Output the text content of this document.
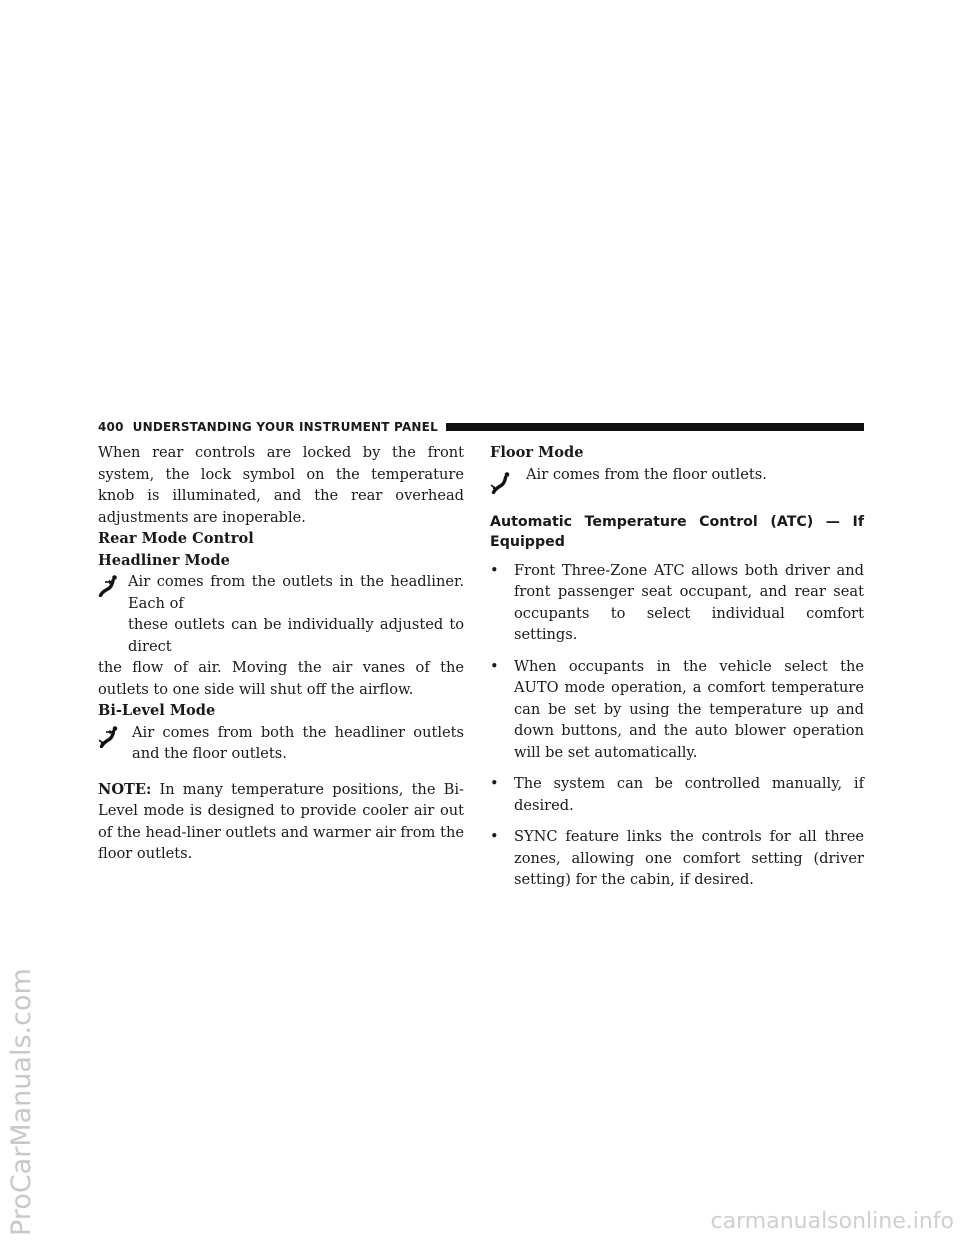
ProCarManuals.com	carmanualsonline.info
400 UNDERSTANDING YOUR INSTRUMENT PANEL

When rear controls are locked by the front system, the lock symbol on the temperature knob is illuminated, and the rear overhead adjustments are inoperable.

Rear Mode Control

Headliner Mode

Air comes from the outlets in the headliner. Each of

these outlets can be individually adjusted to direct

the flow of air. Moving the air vanes of the outlets to one side will shut off the airflow.

Bi-Level Mode

Air comes from both the headliner outlets and the floor outlets.

NOTE: In many temperature positions, the Bi-Level mode is designed to provide cooler air out of the head-liner outlets and warmer air from the floor outlets.

Floor Mode

Air comes from the floor outlets.

Automatic Temperature Control (ATC) — If Equipped

• Front Three-Zone ATC allows both driver and front passenger seat occupant, and rear seat occupants to select individual comfort settings.
• When occupants in the vehicle select the AUTO mode operation, a comfort temperature can be set by using the temperature up and down buttons, and the auto blower operation will be set automatically.
• The system can be controlled manually, if desired.
• SYNC feature links the controls for all three zones, allowing one comfort setting (driver setting) for the cabin, if desired.
